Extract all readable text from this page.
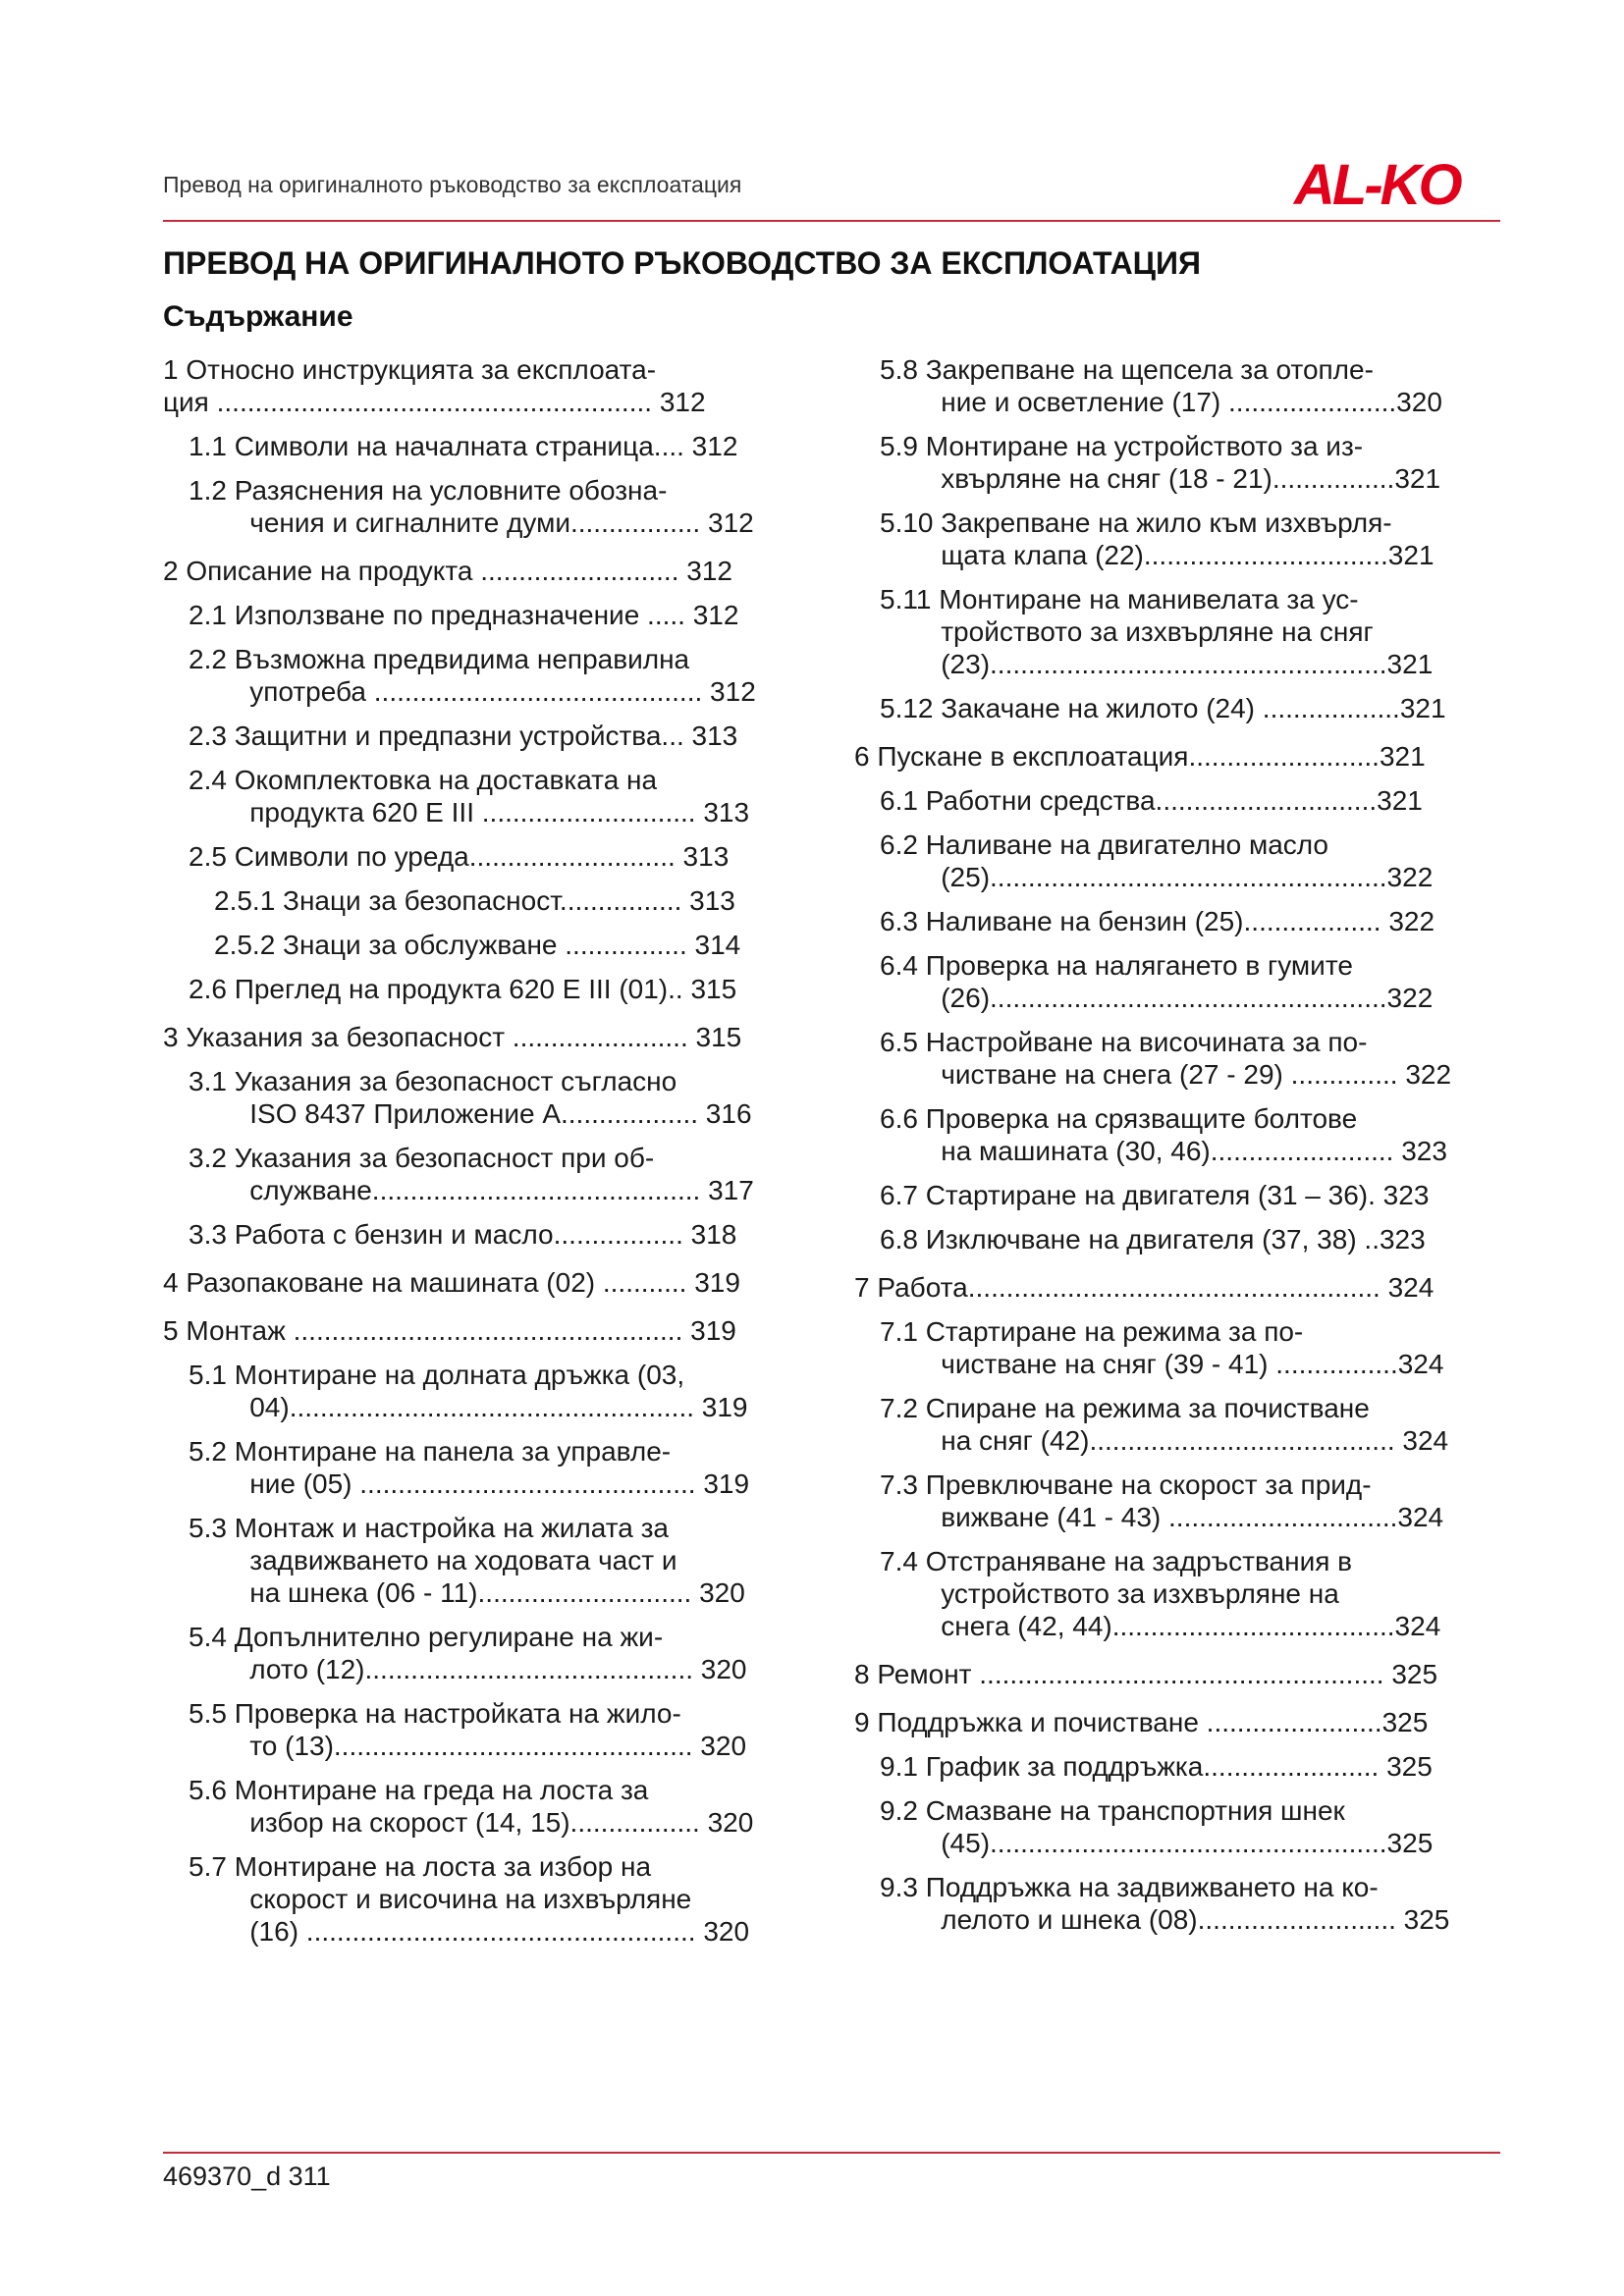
Превод на оригиналното ръководство за експлоатация	AL-KO
ПРЕВОД НА ОРИГИНАЛНОТО РЪКОВОДСТВО ЗА ЕКСПЛОАТАЦИЯ
Съдържание
1 Относно инструкцията за експлоата-
ция ......................................................... 312
1.1 Символи на началната страница.... 312
1.2 Разяснения на условните обозна-
чения и сигналните думи................. 312
2 Описание на продукта .......................... 312
2.1 Използване по предназначение ..... 312
2.2 Възможна предвидима неправилна
употреба ........................................... 312
2.3 Защитни и предпазни устройства... 313
2.4 Окомплектовка на доставката на
продукта 620 E III ............................ 313
2.5 Символи по уреда........................... 313
2.5.1 Знаци за безопасност................ 313
2.5.2 Знаци за обслужване ................ 314
2.6 Преглед на продукта 620 E III (01).. 315
3 Указания за безопасност ....................... 315
3.1 Указания за безопасност съгласно
ISO 8437 Приложение А.................. 316
3.2 Указания за безопасност при об-
служване........................................... 317
3.3 Работа с бензин и масло................. 318
4 Разопаковане на машината (02) ........... 319
5 Монтаж ................................................... 319
5.1 Монтиране на долната дръжка (03,
04)..................................................... 319
5.2 Монтиране на панела за управле-
ние (05) ............................................ 319
5.3 Монтаж и настройка на жилата за
задвижването на ходовата част и
на шнека (06 - 11)............................ 320
5.4 Допълнително регулиране на жи-
лото (12)........................................... 320
5.5 Проверка на настройката на жило-
то (13)............................................... 320
5.6 Монтиране на греда на лоста за
избор на скорост (14, 15)................. 320
5.7 Монтиране на лоста за избор на
скорост и височина на изхвърляне
(16) ................................................... 320
5.8 Закрепване на щепсела за отопле-
ние и осветление (17) ......................320
5.9 Монтиране на устройството за из-
хвърляне на сняг (18 - 21)................321
5.10 Закрепване на жило към изхвърля-
щата клапа (22)................................321
5.11 Монтиране на манивелата за ус-
тройството за изхвърляне на сняг
(23)....................................................321
5.12 Закачане на жилото (24) ..................321
6 Пускане в експлоатация.........................321
6.1 Работни средства.............................321
6.2 Наливане на двигателно масло
(25)....................................................322
6.3 Наливане на бензин (25).................. 322
6.4 Проверка на налягането в гумите
(26)....................................................322
6.5 Настройване на височината за по-
чистване на снега (27 - 29) .............. 322
6.6 Проверка на срязващите болтове
на машината (30, 46)........................ 323
6.7 Стартиране на двигателя (31 – 36). 323
6.8 Изключване на двигателя (37, 38) ..323
7 Работа...................................................... 324
7.1 Стартиране на режима за по-
чистване на сняг (39 - 41) ................324
7.2 Спиране на режима за почистване
на сняг (42)........................................ 324
7.3 Превключване на скорост за прид-
вижване (41 - 43) ..............................324
7.4 Отстраняване на задръствания в
устройството за изхвърляне на
снега (42, 44).....................................324
8 Ремонт ..................................................... 325
9 Поддръжка и почистване .......................325
9.1 График за поддръжка....................... 325
9.2 Смазване на транспортния шнек
(45)....................................................325
9.3 Поддръжка на задвижването на ко-
лелото и шнека (08).......................... 325
469370_d 311
